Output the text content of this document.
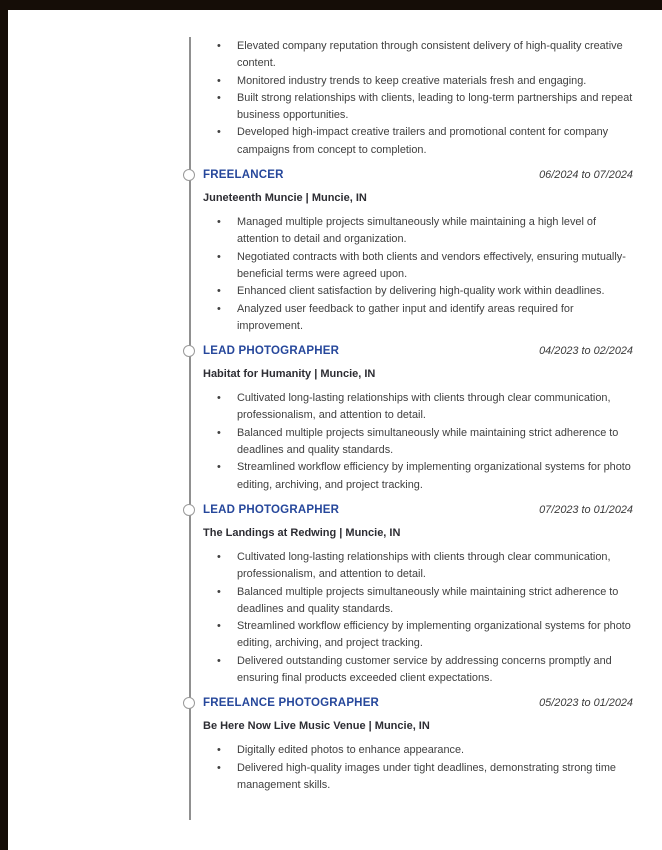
• Elevated company reputation through consistent delivery of high-quality creative content.
• Monitored industry trends to keep creative materials fresh and engaging.
• Built strong relationships with clients, leading to long-term partnerships and repeat business opportunities.
• Developed high-impact creative trailers and promotional content for company campaigns from concept to completion.
FREELANCER	06/2024 to 07/2024
Juneteenth Muncie | Muncie, IN
• Managed multiple projects simultaneously while maintaining a high level of attention to detail and organization.
• Negotiated contracts with both clients and vendors effectively, ensuring mutually-beneficial terms were agreed upon.
• Enhanced client satisfaction by delivering high-quality work within deadlines.
• Analyzed user feedback to gather input and identify areas required for improvement.
LEAD PHOTOGRAPHER	04/2023 to 02/2024
Habitat for Humanity | Muncie, IN
• Cultivated long-lasting relationships with clients through clear communication, professionalism, and attention to detail.
• Balanced multiple projects simultaneously while maintaining strict adherence to deadlines and quality standards.
• Streamlined workflow efficiency by implementing organizational systems for photo editing, archiving, and project tracking.
LEAD PHOTOGRAPHER	07/2023 to 01/2024
The Landings at Redwing | Muncie, IN
• Cultivated long-lasting relationships with clients through clear communication, professionalism, and attention to detail.
• Balanced multiple projects simultaneously while maintaining strict adherence to deadlines and quality standards.
• Streamlined workflow efficiency by implementing organizational systems for photo editing, archiving, and project tracking.
• Delivered outstanding customer service by addressing concerns promptly and ensuring final products exceeded client expectations.
FREELANCE PHOTOGRAPHER	05/2023 to 01/2024
Be Here Now Live Music Venue | Muncie, IN
• Digitally edited photos to enhance appearance.
• Delivered high-quality images under tight deadlines, demonstrating strong time management skills.
